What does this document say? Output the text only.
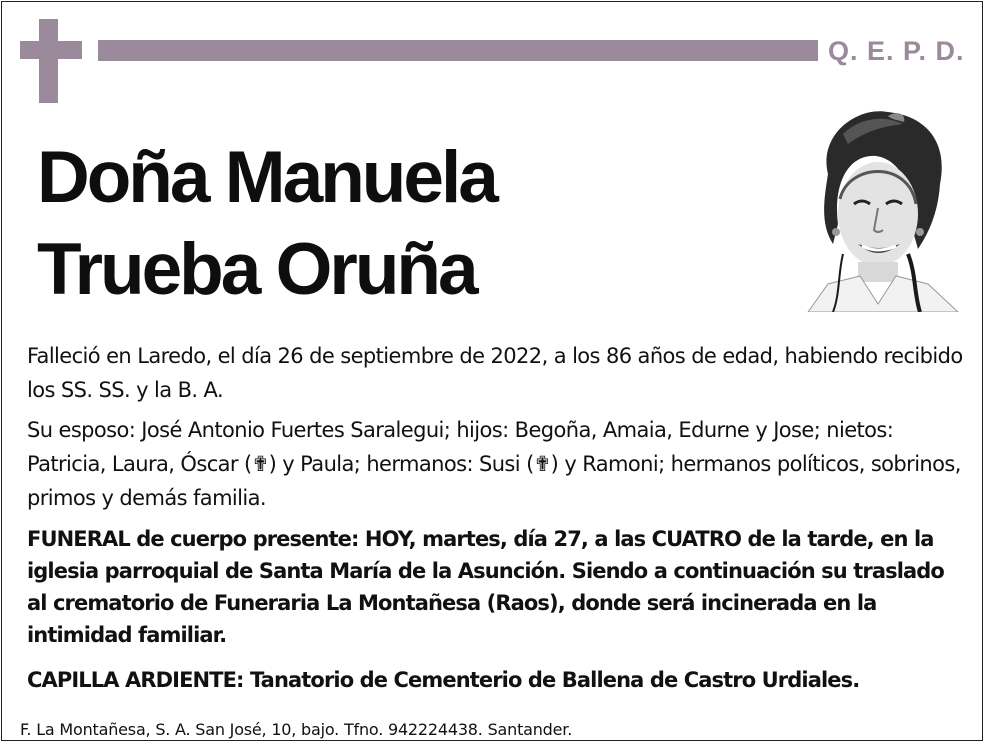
Q. E. P. D.
Doña Manuela
Trueba Oruña

Falleció en Laredo, el día 26 de septiembre de 2022, a los 86 años de edad, habiendo recibido los SS. SS. y la B. A.

Su esposo: José Antonio Fuertes Saralegui; hijos: Begoña, Amaia, Edurne y Jose; nietos: Patricia, Laura, Óscar (✟) y Paula; hermanos: Susi (✟) y Ramoni; hermanos políticos, sobrinos, primos y demás familia.

FUNERAL de cuerpo presente: HOY, martes, día 27, a las CUATRO de la tarde, en la iglesia parroquial de Santa María de la Asunción. Siendo a continuación su traslado al crematorio de Funeraria La Montañesa (Raos), donde será incinerada en la intimidad familiar.

CAPILLA ARDIENTE: Tanatorio de Cementerio de Ballena de Castro Urdiales.

F. La Montañesa, S. A. San José, 10, bajo. Tfno. 942224438. Santander.
